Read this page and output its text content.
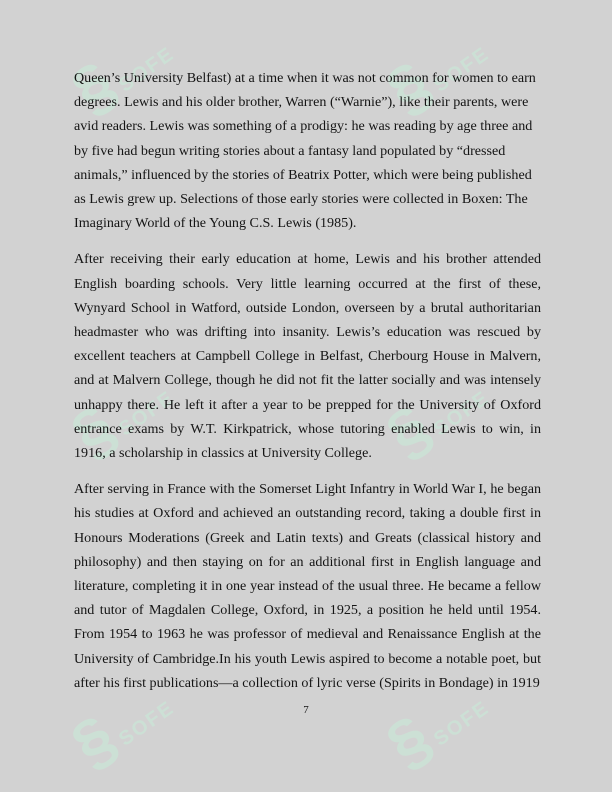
§ SOFE	§ SOFE
§ SOFE	§ SOFE
§ SOFE	§ SOFE

Queen’s University Belfast) at a time when it was not common for women to earn degrees. Lewis and his older brother, Warren (“Warnie”), like their parents, were avid readers. Lewis was something of a prodigy: he was reading by age three and by five had begun writing stories about a fantasy land populated by “dressed animals,” influenced by the stories of Beatrix Potter, which were being published as Lewis grew up. Selections of those early stories were collected in Boxen: The Imaginary World of the Young C.S. Lewis (1985).

After receiving their early education at home, Lewis and his brother attended English boarding schools. Very little learning occurred at the first of these, Wynyard School in Watford, outside London, overseen by a brutal authoritarian headmaster who was drifting into insanity. Lewis’s education was rescued by excellent teachers at Campbell College in Belfast, Cherbourg House in Malvern, and at Malvern College, though he did not fit the latter socially and was intensely unhappy there. He left it after a year to be prepped for the University of Oxford entrance exams by W.T. Kirkpatrick, whose tutoring enabled Lewis to win, in 1916, a scholarship in classics at University College.

After serving in France with the Somerset Light Infantry in World War I, he began his studies at Oxford and achieved an outstanding record, taking a double first in Honours Moderations (Greek and Latin texts) and Greats (classical history and philosophy) and then staying on for an additional first in English language and literature, completing it in one year instead of the usual three. He became a fellow and tutor of Magdalen College, Oxford, in 1925, a position he held until 1954. From 1954 to 1963 he was professor of medieval and Renaissance English at the University of Cambridge.In his youth Lewis aspired to become a notable poet, but after his first publications—a collection of lyric verse (Spirits in Bondage) in 1919

7
